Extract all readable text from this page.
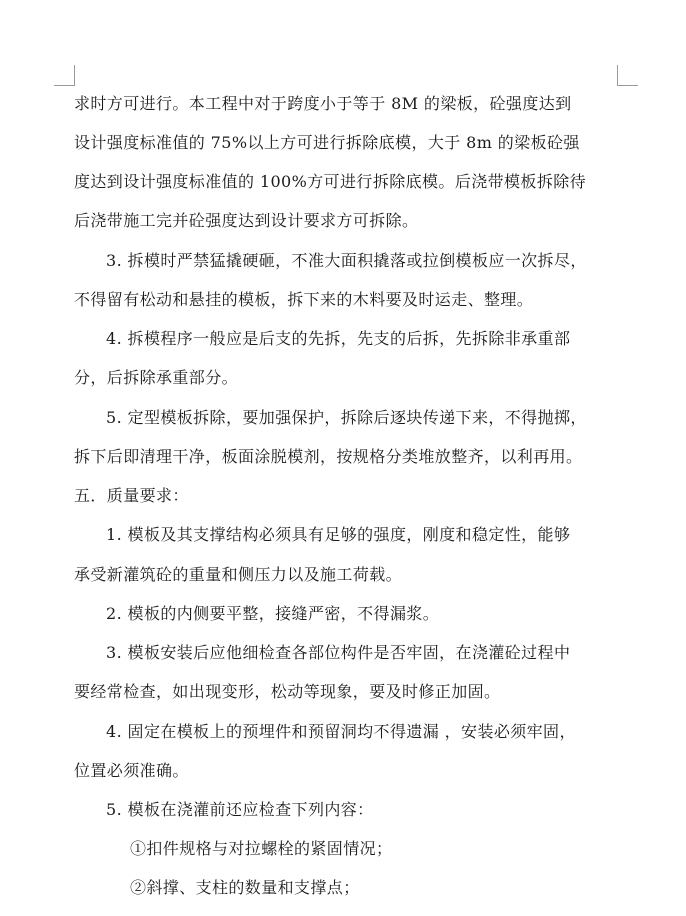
求时方可进行。本工程中对于跨度小于等于 8M 的梁板，砼强度达到
设计强度标准值的 75%以上方可进行拆除底模，大于 8m 的梁板砼强
度达到设计强度标准值的 100%方可进行拆除底模。后浇带模板拆除待
后浇带施工完并砼强度达到设计要求方可拆除。
3. 拆模时严禁猛撬硬砸，不准大面积撬落或拉倒模板应一次拆尽，
不得留有松动和悬挂的模板，拆下来的木料要及时运走、整理。
4. 拆模程序一般应是后支的先拆，先支的后拆，先拆除非承重部
分，后拆除承重部分。
5. 定型模板拆除，要加强保护，拆除后逐块传递下来，不得抛掷，
拆下后即清理干净，板面涂脱模剂，按规格分类堆放整齐，以利再用。
五．质量要求：
1. 模板及其支撑结构必须具有足够的强度，刚度和稳定性，能够
承受新灌筑砼的重量和侧压力以及施工荷载。
2. 模板的内侧要平整，接缝严密，不得漏浆。
3. 模板安装后应他细检查各部位构件是否牢固，在浇灌砼过程中
要经常检查，如出现变形，松动等现象，要及时修正加固。
4. 固定在模板上的预埋件和预留洞均不得遗漏 ，安装必须牢固，
位置必须准确。
5. 模板在浇灌前还应检查下列内容：
①扣件规格与对拉螺栓的紧固情况；
②斜撑、支柱的数量和支撑点；
